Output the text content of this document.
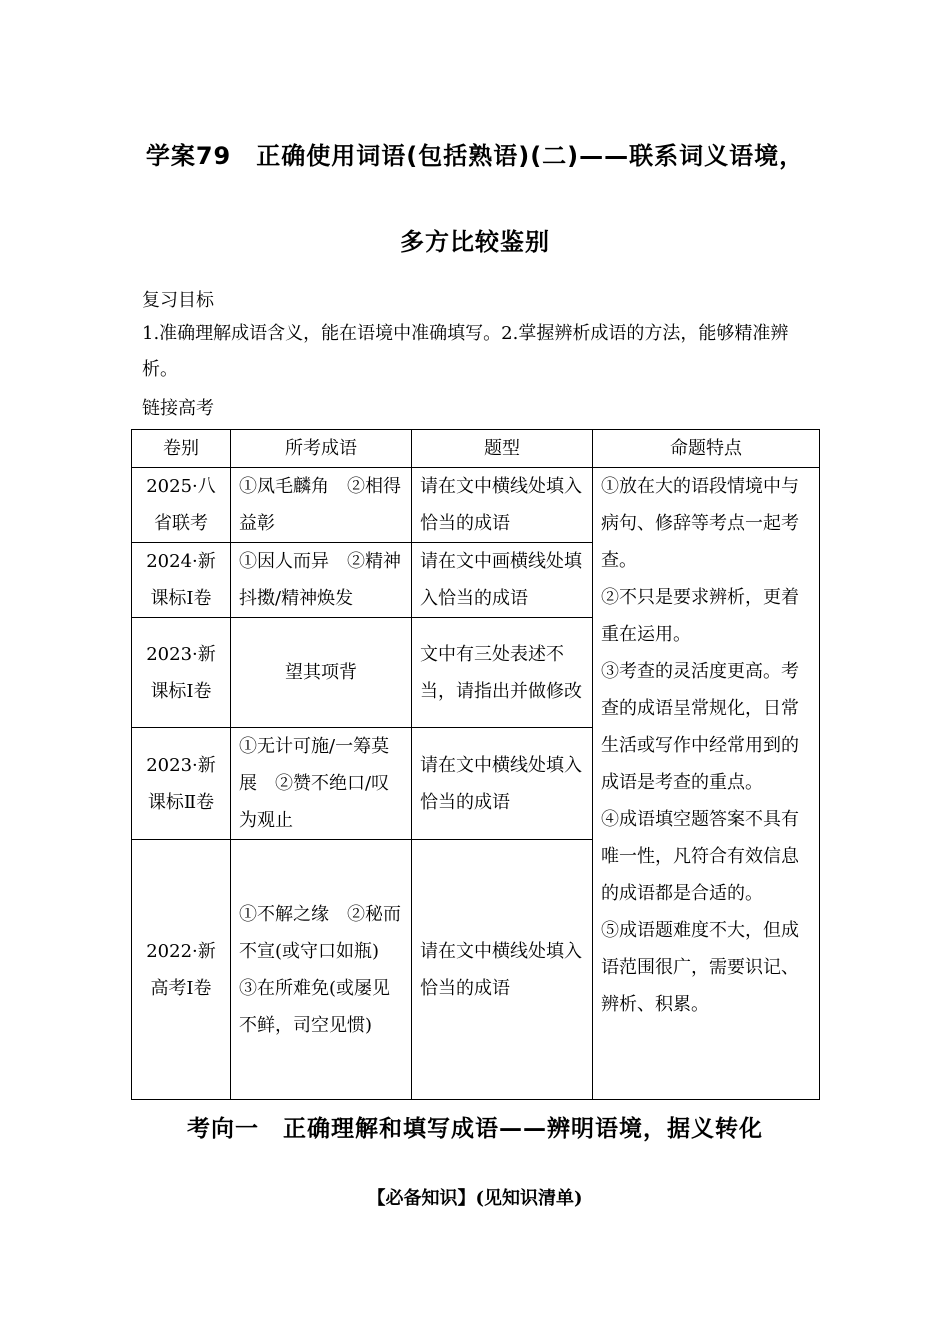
学案79　正确使用词语(包括熟语)(二)——联系词义语境，
多方比较鉴别
复习目标
1.准确理解成语含义，能在语境中准确填写。2.掌握辨析成语的方法，能够精准辨析。
链接高考
卷别	所考成语	题型	命题特点
2025·八省联考	①凤毛麟角　②相得益彰	请在文中横线处填入恰当的成语	①放在大的语段情境中与病句、修辞等考点一起考查。
②不只是要求辨析，更着重在运用。
③考查的灵活度更高。考查的成语呈常规化，日常生活或写作中经常用到的成语是考查的重点。
④成语填空题答案不具有唯一性，凡符合有效信息的成语都是合适的。
⑤成语题难度不大，但成语范围很广，需要识记、辨析、积累。

2024·新课标Ⅰ卷	①因人而异　②精神抖擞/精神焕发	请在文中画横线处填入恰当的成语	
2023·新课标Ⅰ卷	望其项背	文中有三处表述不当，请指出并做修改	
2023·新课标Ⅱ卷	①无计可施/一筹莫展　②赞不绝口/叹为观止	请在文中横线处填入恰当的成语	
2022·新高考Ⅰ卷	①不解之缘　②秘而不宣(或守口如瓶)　③在所难免(或屡见不鲜，司空见惯)	请在文中横线处填入恰当的成语	
考向一　正确理解和填写成语——辨明语境，据义转化
【必备知识】(见知识清单)
